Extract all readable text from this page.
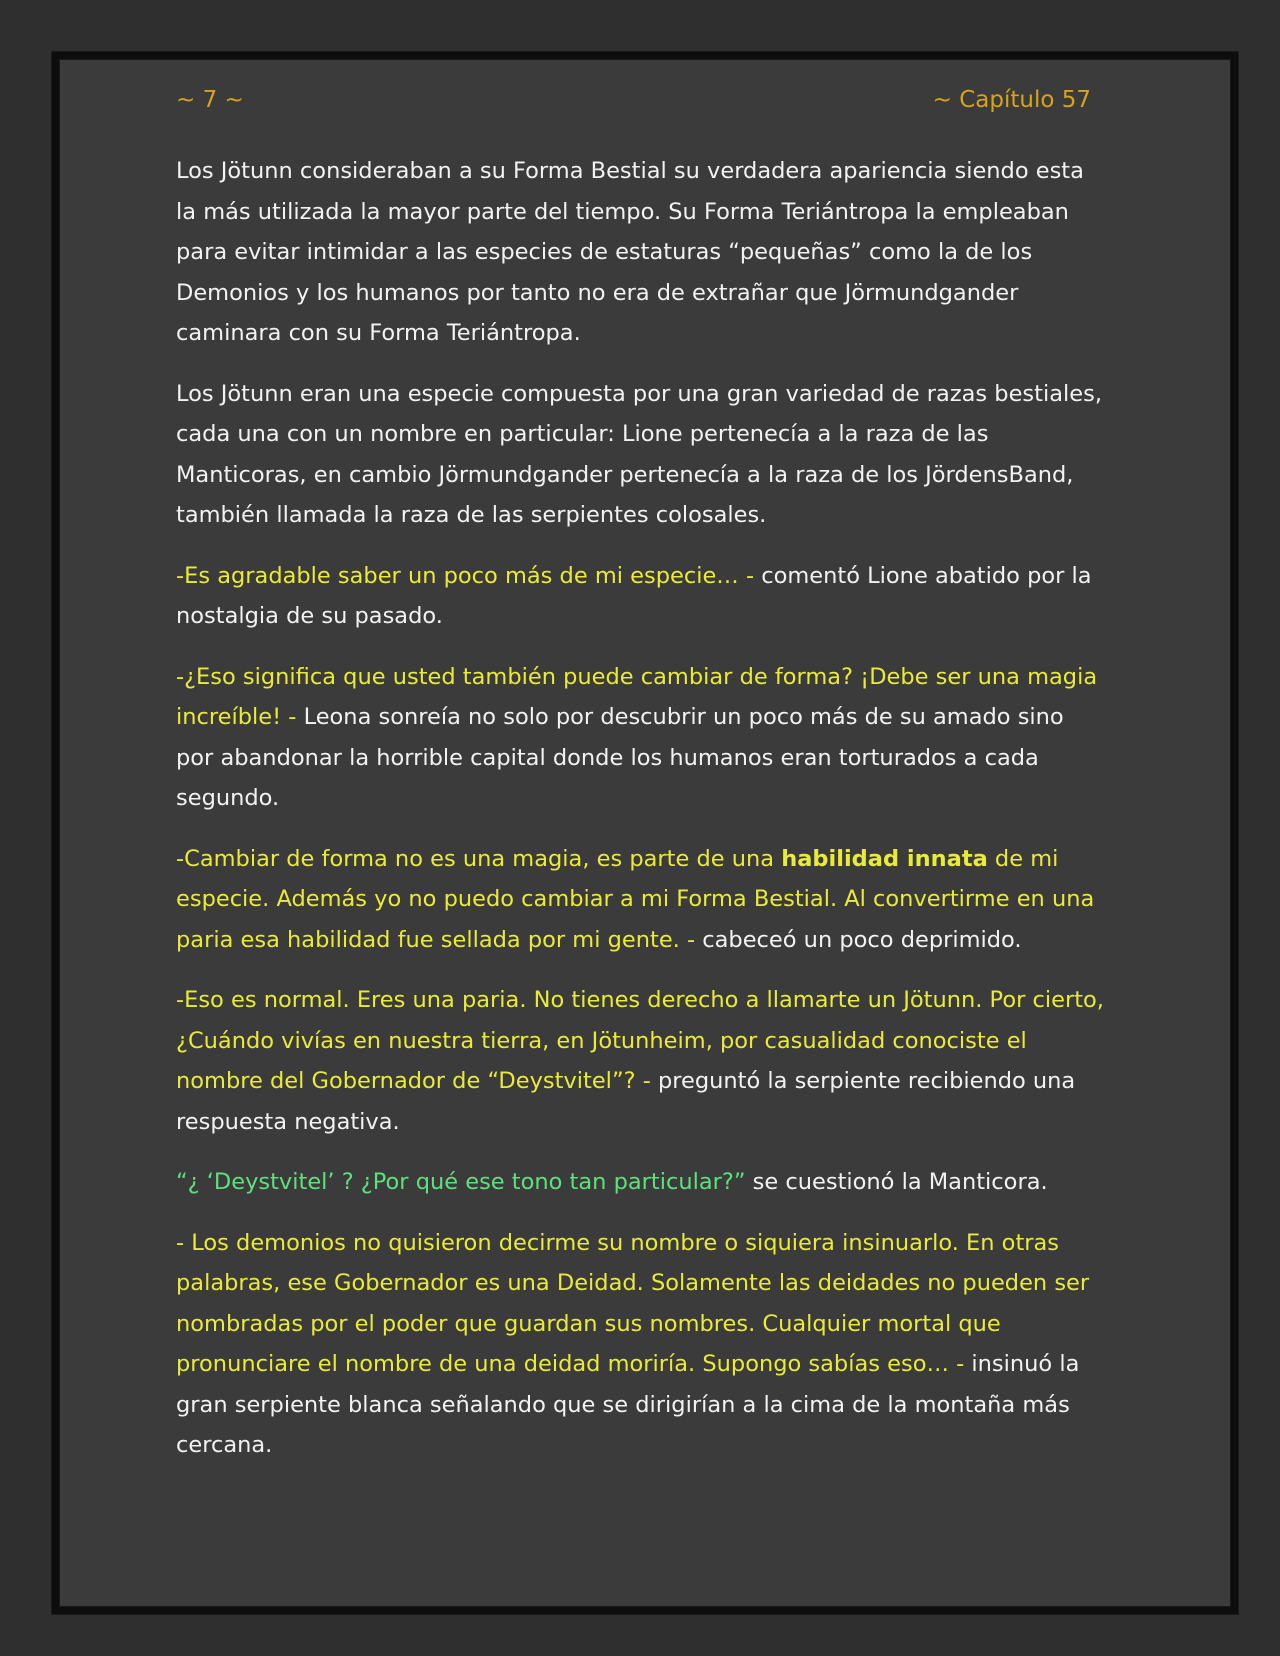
~ 7 ~	~ Capítulo 57

Los Jötunn consideraban a su Forma Bestial su verdadera apariencia siendo esta la más utilizada la mayor parte del tiempo. Su Forma Teriántropa la empleaban para evitar intimidar a las especies de estaturas “pequeñas” como la de los Demonios y los humanos por tanto no era de extrañar que Jörmundgander caminara con su Forma Teriántropa.

Los Jötunn eran una especie compuesta por una gran variedad de razas bestiales, cada una con un nombre en particular: Lione pertenecía a la raza de las Manticoras, en cambio Jörmundgander pertenecía a la raza de los JördensBand, también llamada la raza de las serpientes colosales.

-Es agradable saber un poco más de mi especie… - comentó Lione abatido por la nostalgia de su pasado.

-¿Eso significa que usted también puede cambiar de forma? ¡Debe ser una magia increíble! - Leona sonreía no solo por descubrir un poco más de su amado sino por abandonar la horrible capital donde los humanos eran torturados a cada segundo.

-Cambiar de forma no es una magia, es parte de una habilidad innata de mi especie. Además yo no puedo cambiar a mi Forma Bestial. Al convertirme en una paria esa habilidad fue sellada por mi gente. - cabeceó un poco deprimido.

-Eso es normal. Eres una paria. No tienes derecho a llamarte un Jötunn. Por cierto, ¿Cuándo vivías en nuestra tierra, en Jötunheim, por casualidad conociste el nombre del Gobernador de “Deystvitel”? - preguntó la serpiente recibiendo una respuesta negativa.

“¿ ‘Deystvitel’ ? ¿Por qué ese tono tan particular?” se cuestionó la Manticora.

- Los demonios no quisieron decirme su nombre o siquiera insinuarlo. En otras palabras, ese Gobernador es una Deidad. Solamente las deidades no pueden ser nombradas por el poder que guardan sus nombres. Cualquier mortal que pronunciare el nombre de una deidad moriría. Supongo sabías eso… - insinuó la gran serpiente blanca señalando que se dirigirían a la cima de la montaña más cercana.
